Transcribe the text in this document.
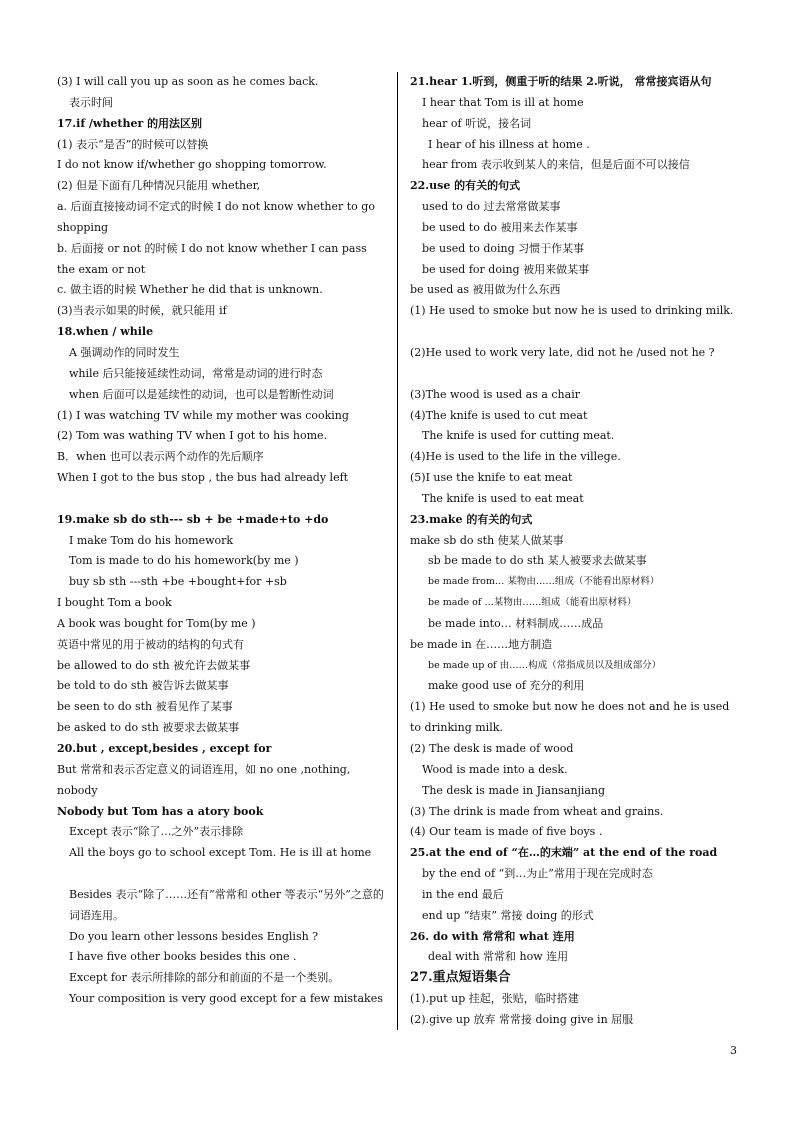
(3) I will call you up as soon as he comes back.
表示时间
17.if /whether 的用法区别
(1) 表示“是否”的时候可以替换
I do not know if/whether go shopping tomorrow.
(2) 但是下面有几种情况只能用 whether,
a. 后面直接接动词不定式的时候 I do not know whether to go shopping
b. 后面接 or not 的时候 I do not know whether I can pass the exam or not
c. 做主语的时候 Whether he did that is unknown.
(3)当表示如果的时候，就只能用 if
18.when / while
A 强调动作的同时发生
while 后只能接延续性动词，常常是动词的进行时态
when 后面可以是延续性的动词，也可以是暂断性动词
(1) I was watching TV while my mother was cooking
(2) Tom was wathing TV when I got to his home.
B．when 也可以表示两个动作的先后顺序
When I got to the bus stop , the bus had already left
19.make sb do sth--- sb + be +made+to +do
I make Tom do his homework
Tom is made to do his homework(by me )
buy sb sth ---sth +be +bought+for +sb
I bought Tom a book
A book was bought for Tom(by me )
英语中常见的用于被动的结构的句式有
be allowed to do sth 被允许去做某事
be told to do sth 被告诉去做某事
be seen to do sth 被看见作了某事
be asked to do sth 被要求去做某事
20.but , except,besides , except for
But 常常和表示否定意义的词语连用，如 no one ,nothing, nobody
Nobody but Tom has a atory book
Except 表示“除了…之外”表示排除
All the boys go to school except Tom. He is ill at home
Besides 表示“除了……还有”常常和 other 等表示“另外”之意的词语连用。
Do you learn other lessons besides English ?
I have five other books besides this one .
Except for 表示所排除的部分和前面的不是一个类别。
Your composition is very good except for a few mistakes
21.hear 1.听到，侧重于听的结果 2.听说， 常常接宾语从句
I hear that Tom is ill at home
hear of 听说，接名词
I hear of his illness at home .
hear from 表示收到某人的来信，但是后面不可以接信
22.use 的有关的句式
used to do 过去常常做某事
be used to do 被用来去作某事
be used to doing 习惯于作某事
be used for doing 被用来做某事
be used as 被用做为什么东西
(1) He used to smoke but now he is used to drinking milk.
(2)He used to work very late, did not he /used not he ?
(3)The wood is used as a chair
(4)The knife is used to cut meat
The knife is used for cutting meat.
(4)He is used to the life in the villege.
(5)I use the knife to eat meat
The knife is used to eat meat
23.make 的有关的句式
make sb do sth 使某人做某事
sb be made to do sth 某人被要求去做某事
be made from… 某物由……组成（不能看出原材料）
be made of …某物由……组成（能看出原材料）
be made into… 材料制成……成品
be made in 在……地方制造
be made up of 由……构成（常指成员以及组成部分）
make good use of 充分的利用
(1) He used to smoke but now he does not and he is used to drinking milk.
(2) The desk is made of wood
Wood is made into a desk.
The desk is made in Jiansanjiang
(3) The drink is made from wheat and grains.
(4) Our team is made of five boys .
25.at the end of “在…的末端” at the end of the road
by the end of “到…为止”常用于现在完成时态
in the end 最后
end up “结束” 常接 doing 的形式
26. do with 常常和 what 连用
deal with 常常和 how 连用
27.重点短语集合
(1).put up 挂起，张贴，临时搭建
(2).give up 放弃 常常接 doing give in 屈服
3
